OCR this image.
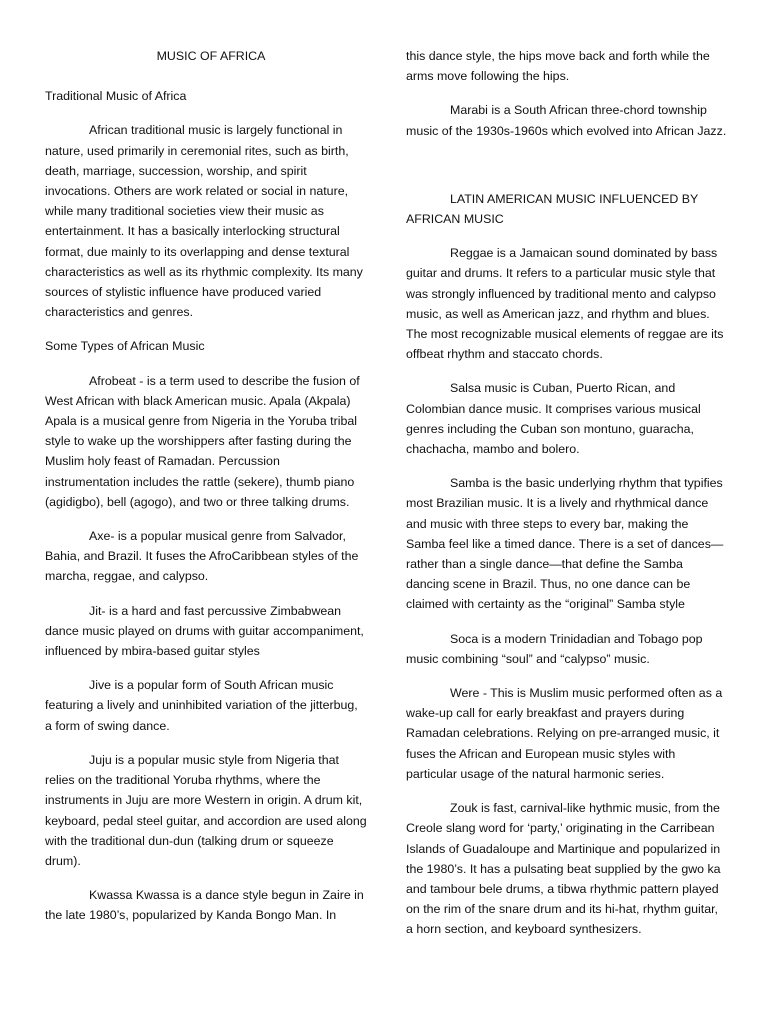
MUSIC OF AFRICA
Traditional Music of Africa

African traditional music is largely functional in nature, used primarily in ceremonial rites, such as birth, death, marriage, succession, worship, and spirit invocations. Others are work related or social in nature, while many traditional societies view their music as entertainment. It has a basically interlocking structural format, due mainly to its overlapping and dense textural characteristics as well as its rhythmic complexity. Its many sources of stylistic influence have produced varied characteristics and genres.

Some Types of African Music

Afrobeat - is a term used to describe the fusion of West African with black American music. Apala (Akpala) Apala is a musical genre from Nigeria in the Yoruba tribal style to wake up the worshippers after fasting during the Muslim holy feast of Ramadan. Percussion instrumentation includes the rattle (sekere), thumb piano (agidigbo), bell (agogo), and two or three talking drums.

Axe- is a popular musical genre from Salvador, Bahia, and Brazil. It fuses the AfroCaribbean styles of the marcha, reggae, and calypso.

Jit- is a hard and fast percussive Zimbabwean dance music played on drums with guitar accompaniment, influenced by mbira-based guitar styles

Jive is a popular form of South African music featuring a lively and uninhibited variation of the jitterbug, a form of swing dance.

Juju is a popular music style from Nigeria that relies on the traditional Yoruba rhythms, where the instruments in Juju are more Western in origin. A drum kit, keyboard, pedal steel guitar, and accordion are used along with the traditional dun-dun (talking drum or squeeze drum).

Kwassa Kwassa is a dance style begun in Zaire in the late 1980’s, popularized by Kanda Bongo Man. In

this dance style, the hips move back and forth while the arms move following the hips.

Marabi is a South African three-chord township music of the 1930s-1960s which evolved into African Jazz.

LATIN AMERICAN MUSIC INFLUENCED BY AFRICAN MUSIC

Reggae is a Jamaican sound dominated by bass guitar and drums. It refers to a particular music style that was strongly influenced by traditional mento and calypso music, as well as American jazz, and rhythm and blues. The most recognizable musical elements of reggae are its offbeat rhythm and staccato chords.

Salsa music is Cuban, Puerto Rican, and Colombian dance music. It comprises various musical genres including the Cuban son montuno, guaracha, chachacha, mambo and bolero.

Samba is the basic underlying rhythm that typifies most Brazilian music. It is a lively and rhythmical dance and music with three steps to every bar, making the Samba feel like a timed dance. There is a set of dances—rather than a single dance—that define the Samba dancing scene in Brazil. Thus, no one dance can be claimed with certainty as the “original” Samba style

Soca is a modern Trinidadian and Tobago pop music combining “soul” and “calypso” music.

Were - This is Muslim music performed often as a wake-up call for early breakfast and prayers during Ramadan celebrations. Relying on pre-arranged music, it fuses the African and European music styles with particular usage of the natural harmonic series.

Zouk is fast, carnival-like hythmic music, from the Creole slang word for ‘party,’ originating in the Carribean Islands of Guadaloupe and Martinique and popularized in the 1980’s. It has a pulsating beat supplied by the gwo ka and tambour bele drums, a tibwa rhythmic pattern played on the rim of the snare drum and its hi-hat, rhythm guitar, a horn section, and keyboard synthesizers.
